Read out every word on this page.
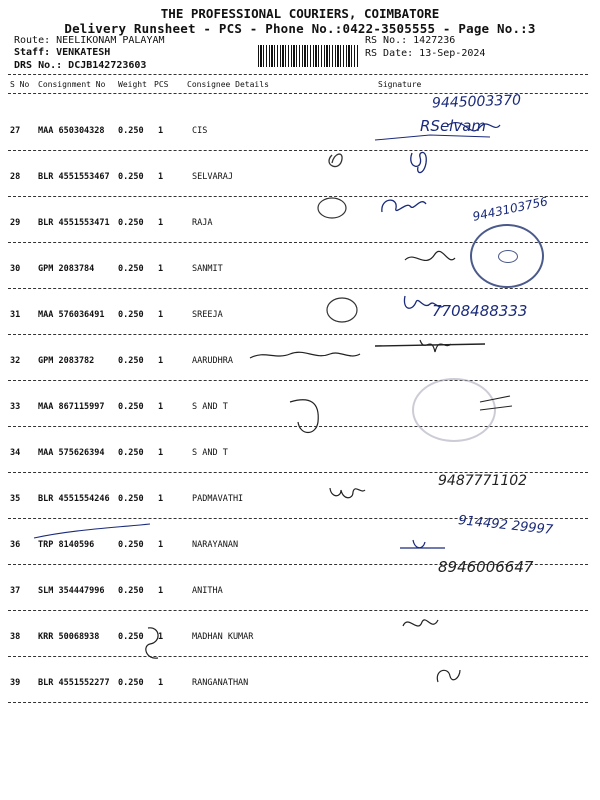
THE PROFESSIONAL COURIERS, COIMBATORE
Delivery Runsheet - PCS - Phone No.:0422-3505555 - Page No.:3
Route: NEELIKONAM PALAYAM
Staff: VENKATESH
DRS No.: DCJB142723603
RS No.: 1427236
RS Date: 13-Sep-2024
S No Consignment No Weight PCS Consignee Details	Signature
27 MAA 650304328 0.250 1	CIS
28 BLR 4551553467 0.250 1	SELVARAJ
29 BLR 4551553471 0.250 1	RAJA
30 GPM 2083784	0.250 1	SANMIT
31 MAA 576036491 0.250 1	SREEJA
32 GPM 2083782	0.250 1	AARUDHRA
33 MAA 867115997 0.250 1	S AND T
34 MAA 575626394 0.250 1	S AND T
35 BLR 4551554246 0.250 1	PADMAVATHI
36 TRP 8140596	0.250 1	NARAYANAN
37 SLM 354447996 0.250 1	ANITHA
38 KRR 50068938 0.250 1	MADHAN KUMAR
39 BLR 4551552277 0.250 1	RANGANATHAN
9445003370
RSelvam
9443103756
7708488333
9487771102
914492 29997
8946006647
